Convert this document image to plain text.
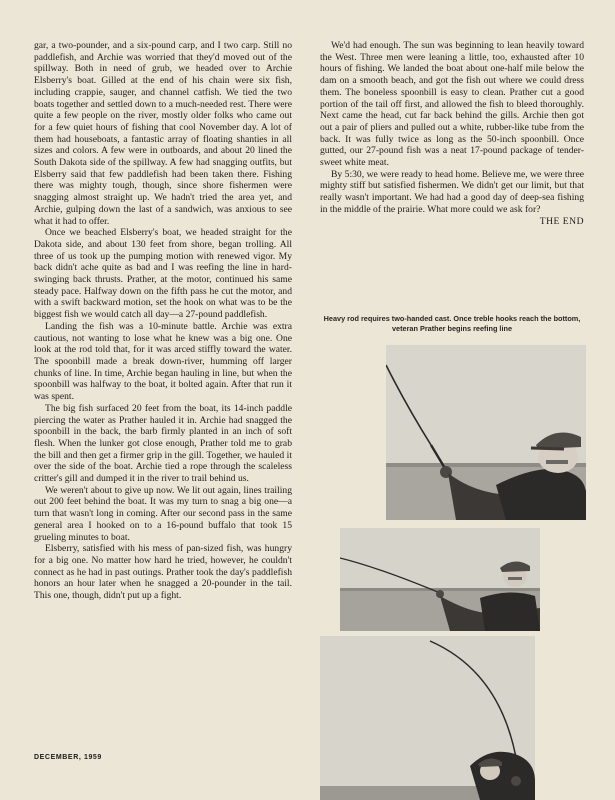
gar, a two-pounder, and a six-pound carp, and I two carp. Still no paddlefish, and Archie was worried that they'd moved out of the spillway. Both in need of grub, we headed over to Archie Elsberry's boat. Gilled at the end of his chain were six fish, including crappie, sauger, and channel catfish. We tied the two boats together and settled down to a much-needed rest. There were quite a few people on the river, mostly older folks who came out for a few quiet hours of fishing that cool November day. A lot of them had houseboats, a fantastic array of floating shanties in all sizes and colors. A few were in outboards, and about 20 lined the South Dakota side of the spillway. A few had snagging outfits, but Elsberry said that few paddlefish had been taken there. Fishing there was mighty tough, though, since shore fishermen were snagging almost straight up. We hadn't tried the area yet, and Archie, gulping down the last of a sandwich, was anxious to see what it had to offer.

Once we beached Elsberry's boat, we headed straight for the Dakota side, and about 130 feet from shore, began trolling. All three of us took up the pumping motion with renewed vigor. My back didn't ache quite as bad and I was reefing the line in hard-swinging back thrusts. Prather, at the motor, continued his same steady pace. Halfway down on the fifth pass he cut the motor, and with a swift backward motion, set the hook on what was to be the biggest fish we would catch all day—a 27-pound paddlefish.

Landing the fish was a 10-minute battle. Archie was extra cautious, not wanting to lose what he knew was a big one. One look at the rod told that, for it was arced stiffly toward the water. The spoonbill made a break down-river, humming off larger chunks of line. In time, Archie began hauling in line, but when the spoonbill was halfway to the boat, it bolted again. After that run it was spent.

The big fish surfaced 20 feet from the boat, its 14-inch paddle piercing the water as Prather hauled it in. Archie had snagged the spoonbill in the back, the barb firmly planted in an inch of soft flesh. When the lunker got close enough, Prather told me to grab the bill and then get a firmer grip in the gill. Together, we hauled it over the side of the boat. Archie tied a rope through the scaleless critter's gill and dumped it in the river to trail behind us.

We weren't about to give up now. We lit out again, lines trailing out 200 feet behind the boat. It was my turn to snag a big one—a turn that wasn't long in coming. After our second pass in the same general area I hooked on to a 16-pound buffalo that took 15 grueling minutes to boat.

Elsberry, satisfied with his mess of pan-sized fish, was hungry for a big one. No matter how hard he tried, however, he couldn't connect as he had in past outings. Prather took the day's paddlefish honors an hour later when he snagged a 20-pounder in the tail. This one, though, didn't put up a fight.

We'd had enough. The sun was beginning to lean heavily toward the West. Three men were leaning a little, too, exhausted after 10 hours of fishing. We landed the boat about one-half mile below the dam on a smooth beach, and got the fish out where we could dress them. The boneless spoonbill is easy to clean. Prather cut a good portion of the tail off first, and allowed the fish to bleed thoroughly. Next came the head, cut far back behind the gills. Archie then got out a pair of pliers and pulled out a white, rubber-like tube from the back. It was fully twice as long as the 50-inch spoonbill. Once gutted, our 27-pound fish was a neat 17-pound package of tender-sweet white meat.

By 5:30, we were ready to head home. Believe me, we were three mighty stiff but satisfied fishermen. We didn't get our limit, but that really wasn't important. We had had a good day of deep-sea fishing in the middle of the prairie. What more could we ask for?
THE END

Heavy rod requires two-handed cast. Once treble hooks reach the bottom, veteran Prather begins reefing line
DECEMBER, 1959
